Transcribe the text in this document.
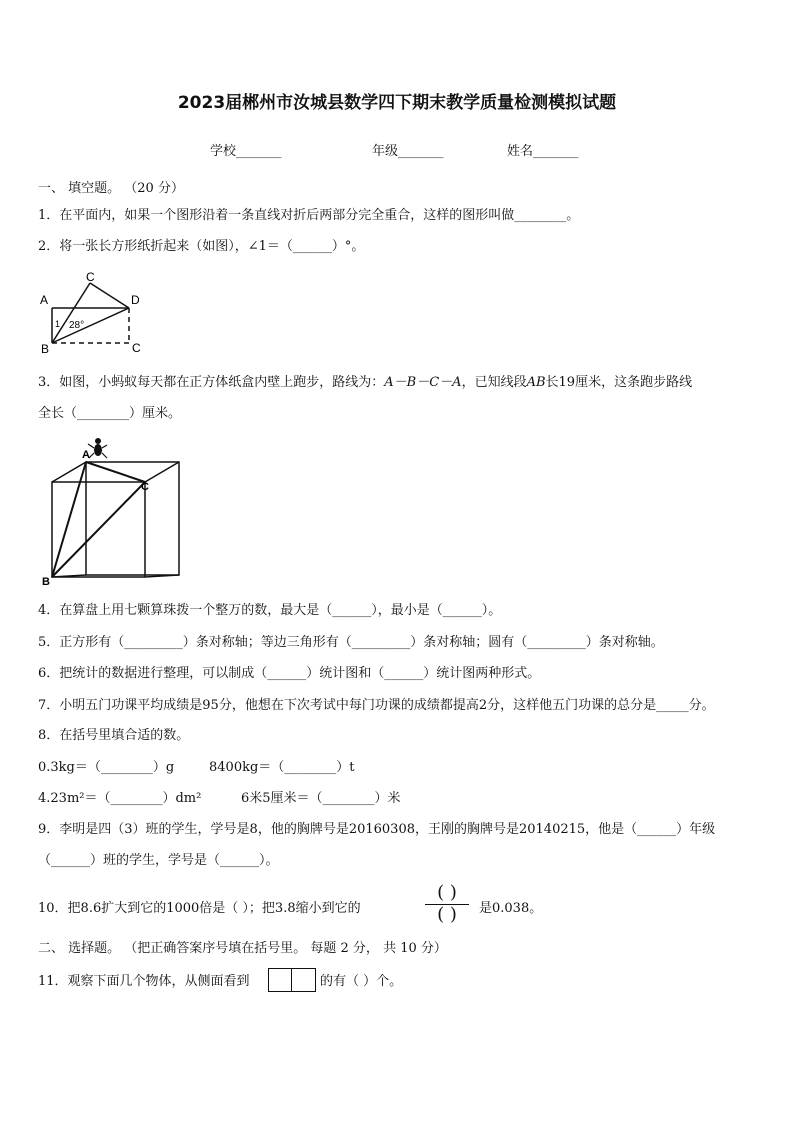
2023届郴州市汝城县数学四下期末教学质量检测模拟试题
学校_______	年级_______	姓名_______
一、 填空题。 （20 分）
1．在平面内，如果一个图形沿着一条直线对折后两部分完全重合，这样的图形叫做________。
2．将一张长方形纸折起来（如图），∠1＝（______）°。
A
B
C
D
C
1 28°
3．如图，小蚂蚁每天都在正方体纸盒内壁上跑步，路线为：A－B－C－A，已知线段AB长19厘米，这条跑步路线
全长（________）厘米。
A
B
C
4．在算盘上用七颗算珠拨一个整万的数，最大是（______），最小是（______）。
5．正方形有（_________）条对称轴；等边三角形有（_________）条对称轴；圆有（_________）条对称轴。
6．把统计的数据进行整理，可以制成（______）统计图和（______）统计图两种形式。
7．小明五门功课平均成绩是95分，他想在下次考试中每门功课的成绩都提高2分，这样他五门功课的总分是_____分。
8．在括号里填合适的数。
0.3kg＝（________）g	8400kg＝（________）t
4.23m²＝（________）dm²	6米5厘米＝（________）米
9．李明是四（3）班的学生，学号是8，他的胸牌号是20160308，王刚的胸牌号是20140215，他是（______）年级
（______）班的学生，学号是（______）。
10．把8.6扩大到它的1000倍是（ ）；把3.8缩小到它的
( )
( )	是0.038。
二、 选择题。 （把正确答案序号填在括号里。 每题 2 分， 共 10 分）
11．观察下面几个物体，从侧面看到	的有（ ）个。
